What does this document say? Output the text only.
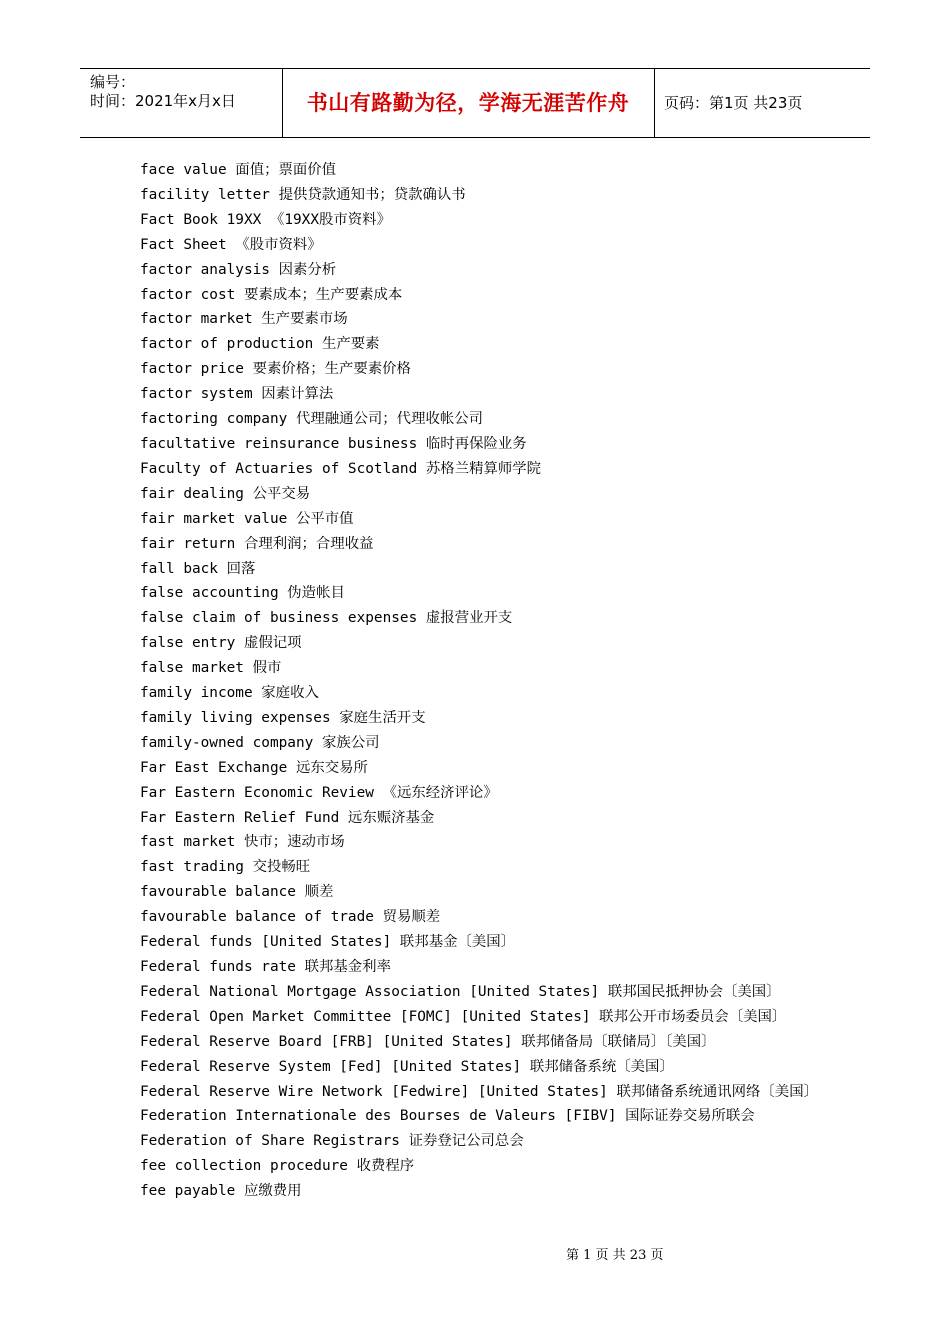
编号：
时间：2021年x月x日	书山有路勤为径，学海无涯苦作舟	页码：第1页 共23页
face value 面值；票面价值
facility letter 提供贷款通知书；贷款确认书
Fact Book 19XX 《19XX股市资料》
Fact Sheet 《股市资料》
factor analysis 因素分析
factor cost 要素成本；生产要素成本
factor market 生产要素市场
factor of production 生产要素
factor price 要素价格；生产要素价格
factor system 因素计算法
factoring company 代理融通公司；代理收帐公司
facultative reinsurance business 临时再保险业务
Faculty of Actuaries of Scotland 苏格兰精算师学院
fair dealing 公平交易
fair market value 公平市值
fair return 合理利润；合理收益
fall back 回落
false accounting 伪造帐目
false claim of business expenses 虚报营业开支
false entry 虚假记项
false market 假市
family income 家庭收入
family living expenses 家庭生活开支
family-owned company 家族公司
Far East Exchange 远东交易所
Far Eastern Economic Review 《远东经济评论》
Far Eastern Relief Fund 远东赈济基金
fast market 快市；速动市场
fast trading 交投畅旺
favourable balance 顺差
favourable balance of trade 贸易顺差
Federal funds [United States] 联邦基金〔美国〕
Federal funds rate 联邦基金利率
Federal National Mortgage Association [United States] 联邦国民抵押协会〔美国〕
Federal Open Market Committee [FOMC] [United States] 联邦公开市场委员会〔美国〕
Federal Reserve Board [FRB] [United States] 联邦储备局〔联储局〕〔美国〕
Federal Reserve System [Fed] [United States] 联邦储备系统〔美国〕
Federal Reserve Wire Network [Fedwire] [United States] 联邦储备系统通讯网络〔美国〕
Federation Internationale des Bourses de Valeurs [FIBV] 国际证券交易所联会
Federation of Share Registrars 证券登记公司总会
fee collection procedure 收费程序
fee payable 应缴费用
第 1 页 共 23 页
